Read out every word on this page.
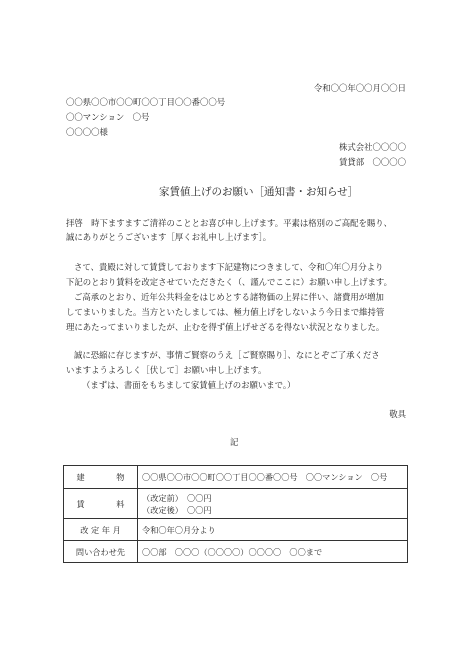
令和〇〇年〇〇月〇〇日
〇〇県〇〇市〇〇町〇〇丁目〇〇番〇〇号
〇〇マンション　〇号
〇〇〇〇様
株式会社〇〇〇〇
賃貸部　〇〇〇〇
家賃値上げのお願い［通知書・お知らせ］
拝啓　時下ますますご清祥のこととお喜び申し上げます。平素は格別のご高配を賜り、
誠にありがとうございます［厚くお礼申し上げます］。
さて、貴殿に対して賃貸しております下記建物につきまして、令和〇年〇月分より
下記のとおり賃料を改定させていただきたく（、謹んでここに）お願い申し上げます。
ご高承のとおり、近年公共料金をはじめとする諸物価の上昇に伴い、諸費用が増加
してまいりました。当方といたしましては、極力値上げをしないよう今日まで維持管
理にあたってまいりましたが、止むを得ず値上げせざるを得ない状況となりました。
誠に恐縮に存じますが、事情ご賢察のうえ［ご賢察賜り］、なにとぞご了承くださ
いますようよろしく［伏して］お願い申し上げます。
（まずは、書面をもちまして家賃値上げのお願いまで。）
敬具
記
建 物	〇〇県〇〇市〇〇町〇〇丁目〇〇番〇〇号　〇〇マンション　〇号

賃 料	（改定前）　〇〇円
（改定後）　〇〇円

改 定 年 月	令和〇年〇月分より
問い合わせ先	〇〇部　〇〇〇（〇〇〇〇）〇〇〇〇　〇〇まで
